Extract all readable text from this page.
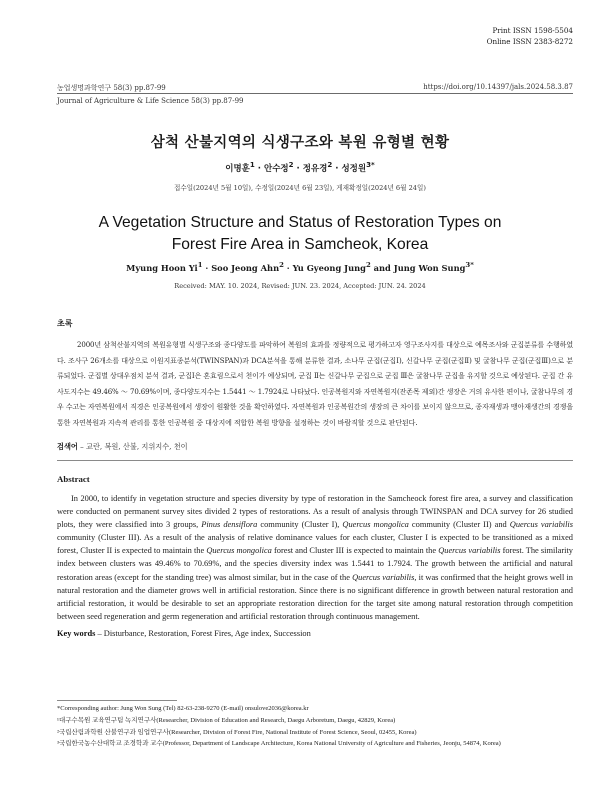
Print ISSN 1598-5504
Online ISSN 2383-8272
농업생명과학연구 58(3) pp.87-99	https://doi.org/10.14397/jals.2024.58.3.87
Journal of Agriculture & Life Science 58(3) pp.87-99
삼척 산불지역의 식생구조와 복원 유형별 현황
이명훈$^1$ · 안수정$^2$ · 정유경$^2$ · 성정원$^{3*}$
접수일(2024년 5월 10일), 수정일(2024년 6월 23일), 게재확정일(2024년 6월 24일)
A Vegetation Structure and Status of Restoration Types on
Forest Fire Area in Samcheok, Korea
Myung Hoon $Yi^1$ · Soo Jeong Ahn$^2$ · Yu Gyeong Jung$^2$ and Jung Won Sung$^{3*}$
Received: MAY. 10. 2024, Revised: JUN. 23. 2024, Accepted: JUN. 24. 2024
초록

2000년 삼척산불지역의 복원유형별 식생구조와 종다양도를 파악하여 복원의 효과를 정량적으로 평가하고자 영구조사지를 대상으로 예목조사와 군집분류를 수행하였다. 조사구 26개소를 대상으로 이원지표종분석(TWINSPAN)과 DCA분석을 통해 분류한 결과, 소나무 군집(군집Ⅰ), 신갈나무 군집(군집Ⅱ) 및 굴참나무 군집(군집Ⅲ)으로 분류되었다. 군집별 상대우점치 분석 결과, 군집Ⅰ은 혼효림으로서 천이가 예상되며, 군집 Ⅱ는 신갈나무 군집으로 군집 Ⅲ은 굴참나무 군집을 유지할 것으로 예상된다. 군집 간 유사도지수는 49.46% ～ 70.69%이며, 종다양도지수는 1.5441 ～ 1.7924로 나타났다. 인공복원지와 자연복원지(잔존목 제외)간 생장은 거의 유사한 편이나, 굴참나무의 경우 수고는 자연복원에서 직경은 인공복원에서 생장이 원활한 것을 확인하였다. 자연복원과 인공복원간의 생장의 큰 차이를 보이지 않으므로, 종자재생과 맹아재생간의 경쟁을 통한 자연복원과 지속적 관리를 통한 인공복원 중 대상지에 적합한 복원 방향을 설정하는 것이 바람직할 것으로 판단된다.

검색어 – 교란, 복원, 산불, 지위지수, 천이
Abstract

In 2000, to identify in vegetation structure and species diversity by type of restoration in the Samcheock forest fire area, a survey and classification were conducted on permanent survey sites divided 2 types of restorations. As a result of analysis through TWINSPAN and DCA survey for 26 studied plots, they were classified into 3 groups, Pinus densiflora community (Cluster I), Quercus mongolica community (Cluster II) and Quercus variabilis community (Cluster III). As a result of the analysis of relative dominance values for each cluster, Cluster I is expected to be transitioned as a mixed forest, Cluster II is expected to maintain the Quercus mongolica forest and Cluster III is expected to maintain the Quercus variabilis forest. The similarity index between clusters was 49.46% to 70.69%, and the species diversity index was 1.5441 to 1.7924. The growth between the artificial and natural restoration areas (except for the standing tree) was almost similar, but in the case of the Quercus variabilis, it was confirmed that the height grows well in natural restoration and the diameter grows well in artificial restoration. Since there is no significant difference in growth between natural restoration and artificial restoration, it would be desirable to set an appropriate restoration direction for the target site among natural restoration through competition between seed regeneration and germ regeneration and artificial restoration through continuous management.

Key words – Disturbance, Restoration, Forest Fires, Age index, Succession

*Corresponding author: Jung Won Sung (Tel) 82-63-238-9270 (E-mail) onsulove2036@korea.kr

¹대구수목원 교육연구팀 녹지연구사(Researcher, Division of Education and Research, Daegu Arboretum, Daegu, 42829, Korea)

²국립산림과학원 산불연구과 임업연구사(Researcher, Division of Forest Fire, National Institute of Forest Science, Seoul, 02455, Korea)

³국립한국농수산대학교 조경학과 교수(Professor, Department of Landscape Architecture, Korea National University of Agriculture and Fisheries, Jeonju, 54874, Korea)
